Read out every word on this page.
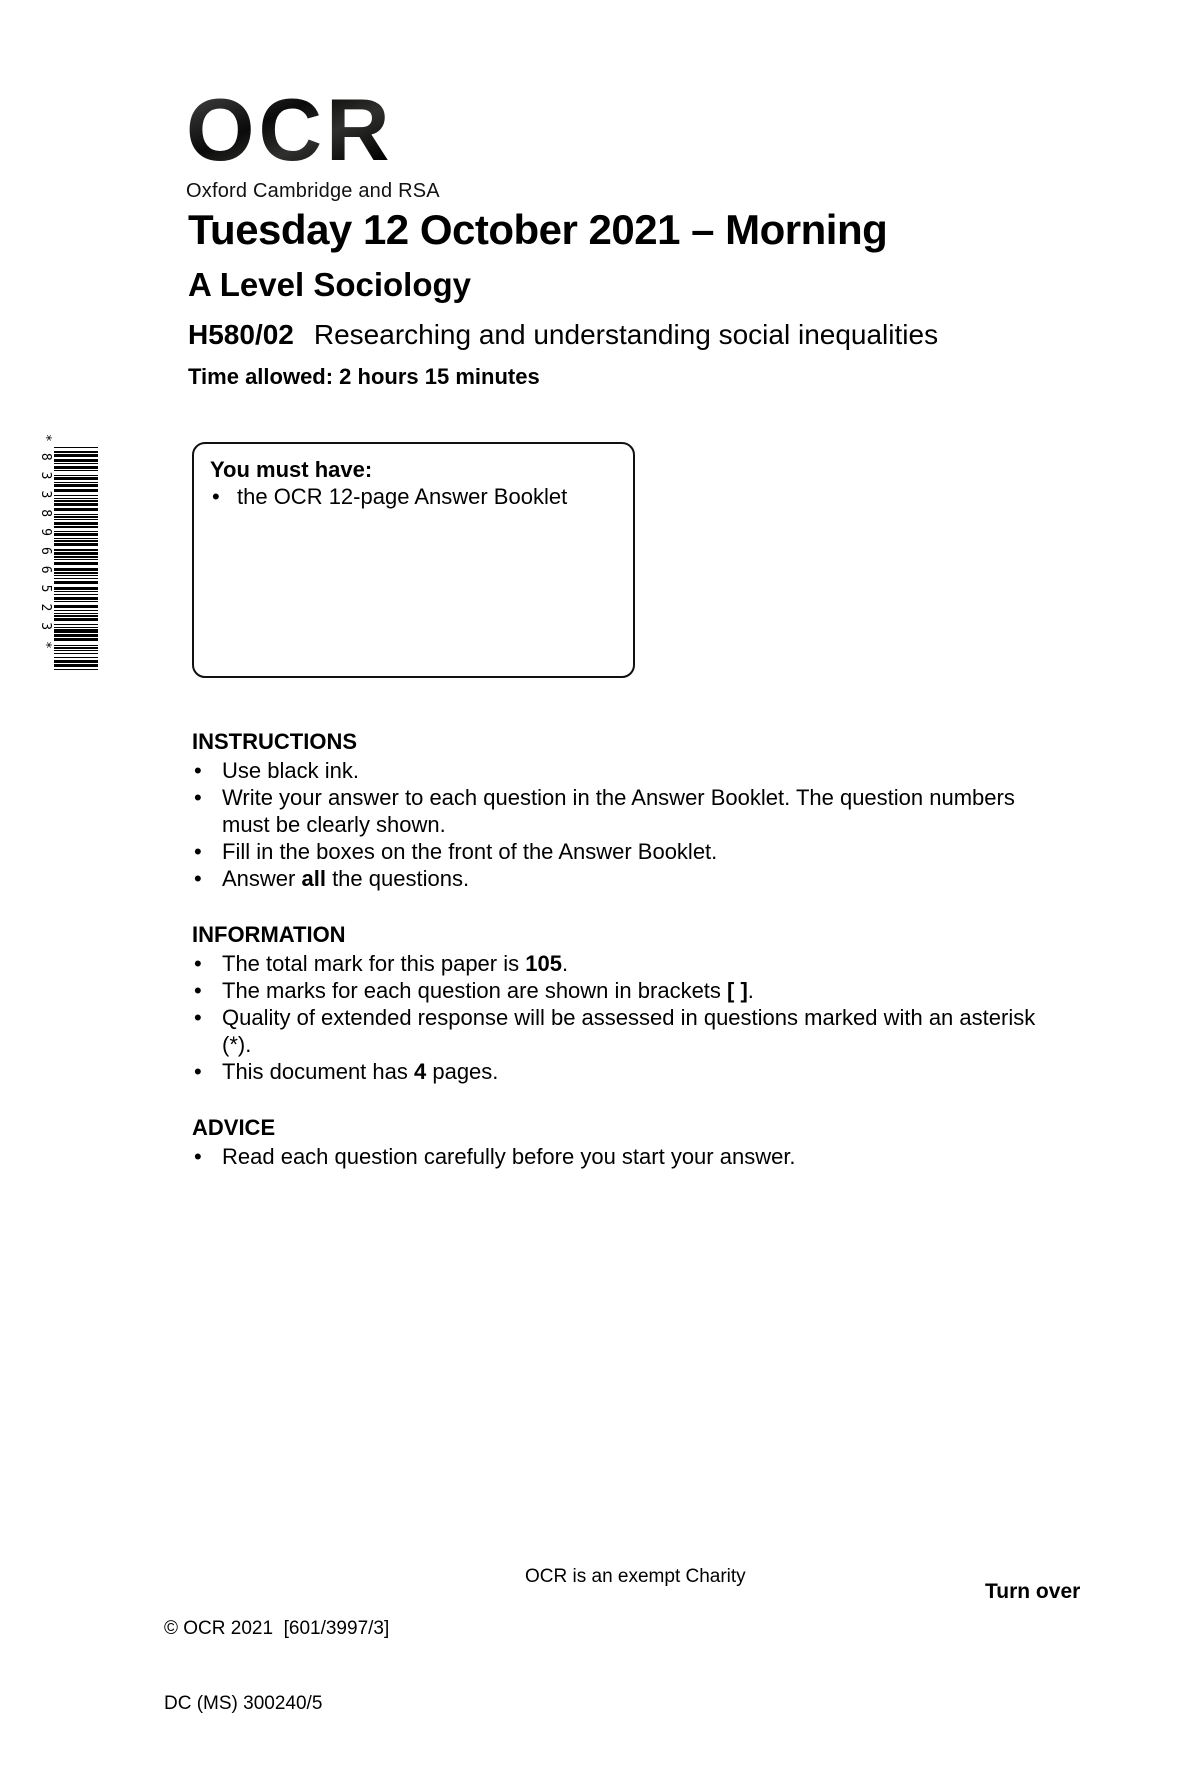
OCR
Oxford Cambridge and RSA
Tuesday 12 October 2021 – Morning
A Level Sociology
H580/02 Researching and understanding social inequalities
Time allowed: 2 hours 15 minutes
*8338966523*	You must have:
• the OCR 12-page Answer Booklet
INSTRUCTIONS
• Use black ink.
• Write your answer to each question in the Answer Booklet. The question numbers must be clearly shown.
• Fill in the boxes on the front of the Answer Booklet.
• Answer all the questions.
INFORMATION
• The total mark for this paper is 105.
• The marks for each question are shown in brackets [ ].
• Quality of extended response will be assessed in questions marked with an asterisk (*).
• This document has 4 pages.
ADVICE
• Read each question carefully before you start your answer.

© OCR 2021  [601/3997/3]

DC (MS) 300240/5

OCR is an exempt Charity
Turn over
